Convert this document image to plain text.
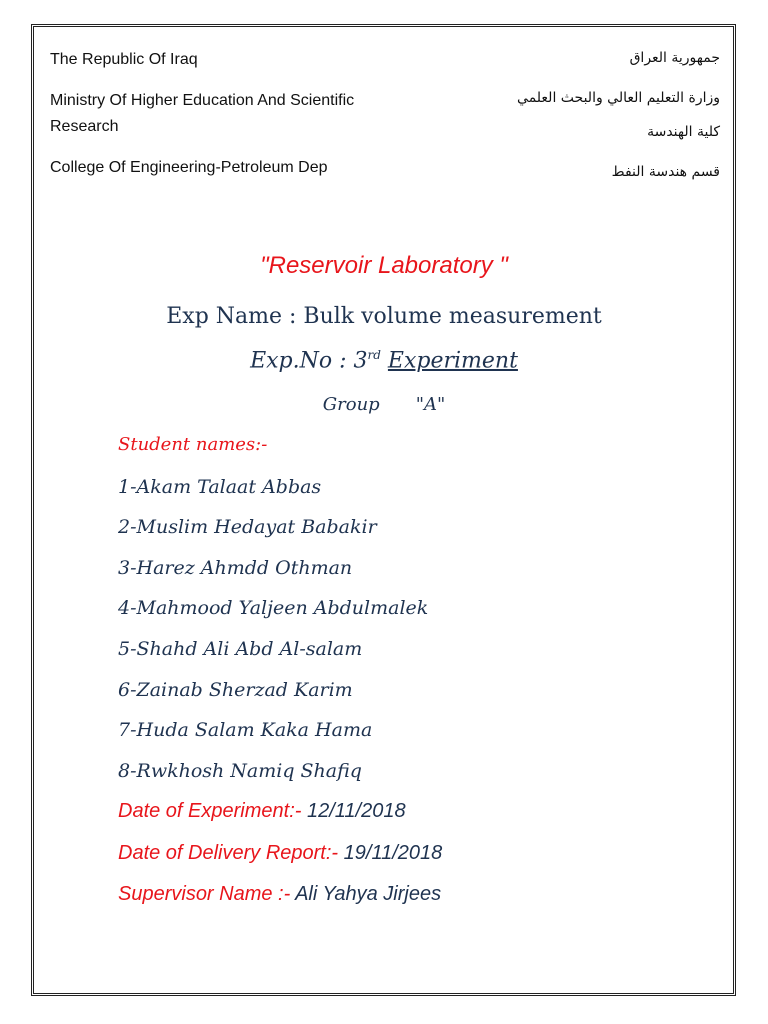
The Republic Of Iraq
Ministry Of Higher Education And Scientific
Research
College Of Engineering-Petroleum Dep
جمهورية العراق
وزارة التعليم العالي والبحث العلمي
كلية الهندسة
قسم هندسة النفط
"Reservoir Laboratory "
Exp Name : Bulk volume measurement
Exp.No : 3rd Experiment
Group "A"
Student names:-
1-Akam Talaat Abbas
2-Muslim Hedayat Babakir
3-Harez Ahmdd Othman
4-Mahmood Yaljeen Abdulmalek
5-Shahd Ali Abd Al-salam
6-Zainab Sherzad Karim
7-Huda Salam Kaka Hama
8-Rwkhosh Namiq Shafiq
Date of Experiment:- 12/11/2018
Date of Delivery Report:- 19/11/2018
Supervisor Name :- Ali Yahya Jirjees
